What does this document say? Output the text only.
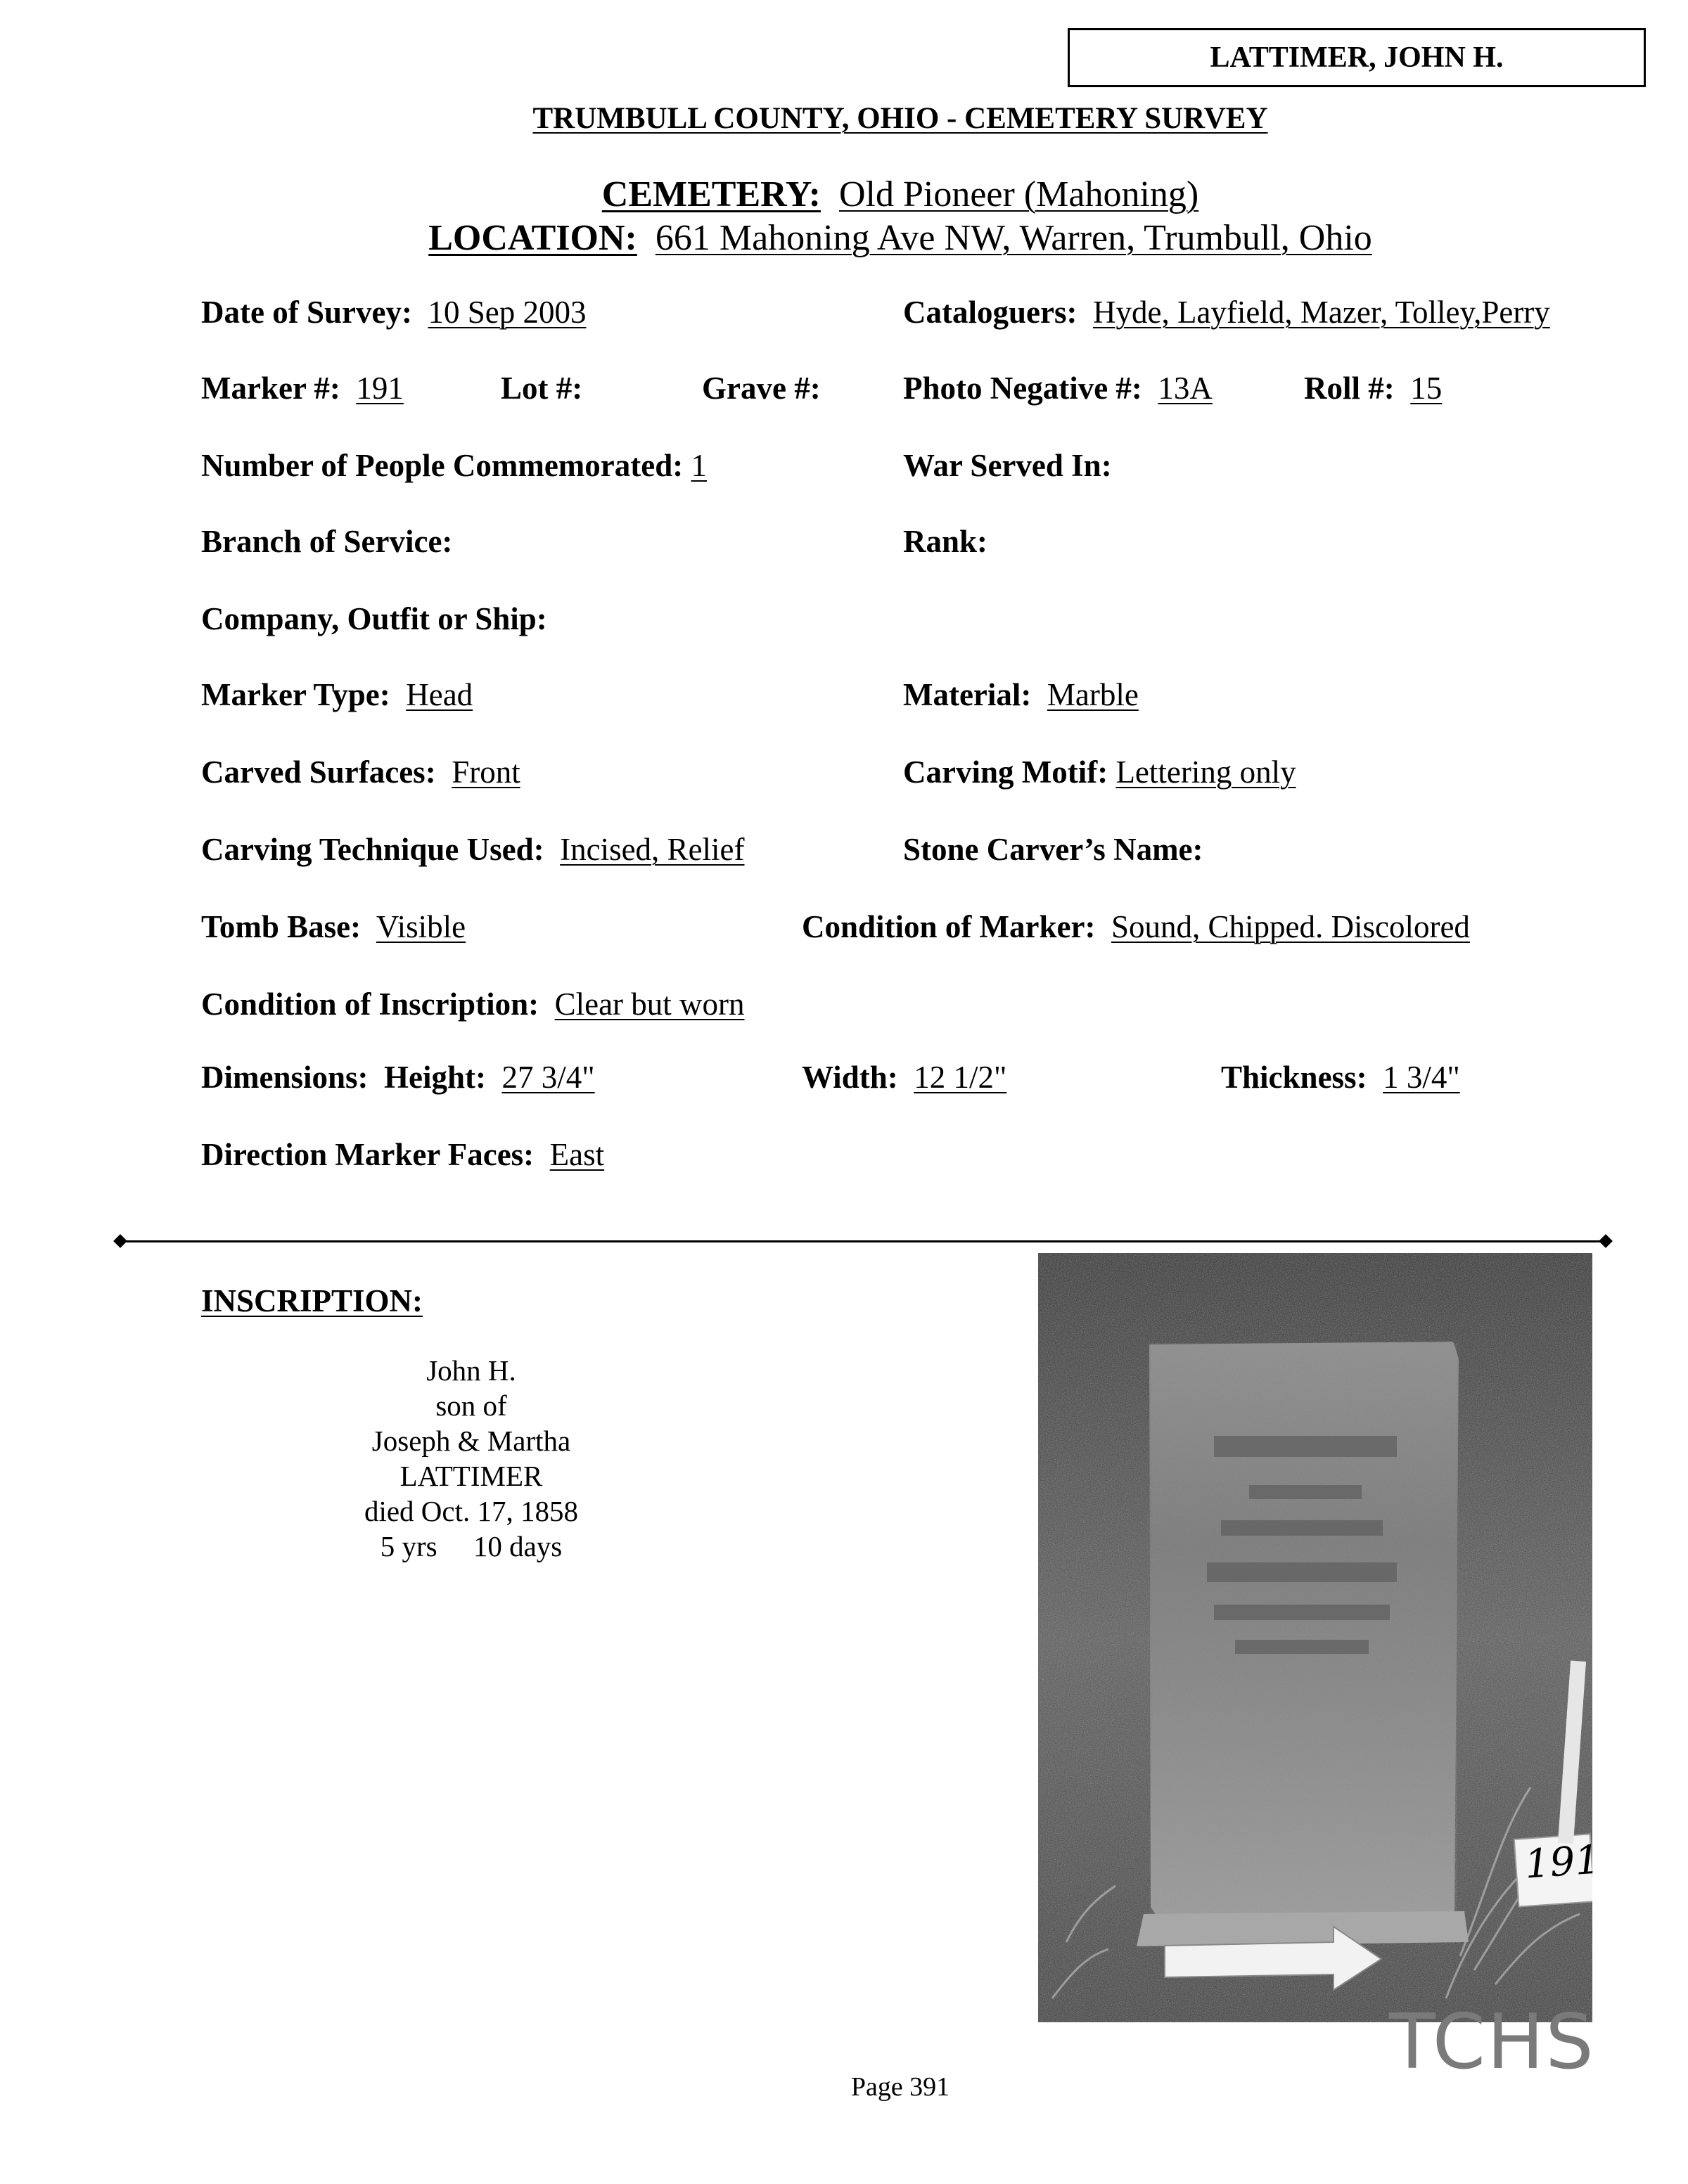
LATTIMER, JOHN H.
TRUMBULL COUNTY, OHIO - CEMETERY SURVEY
CEMETERY: Old Pioneer (Mahoning)
LOCATION: 661 Mahoning Ave NW, Warren, Trumbull, Ohio
Date of Survey: 10 Sep 2003	Cataloguers: Hyde, Layfield, Mazer, Tolley,Perry
Marker #: 191	Lot #:	Grave #:	Photo Negative #: 13A	Roll #: 15
Number of People Commemorated: 1	War Served In:
Branch of Service:	Rank:
Company, Outfit or Ship:
Marker Type: Head	Material: Marble
Carved Surfaces: Front	Carving Motif: Lettering only
Carving Technique Used: Incised, Relief	Stone Carver’s Name:
Tomb Base: Visible	Condition of Marker: Sound, Chipped. Discolored
Condition of Inscription: Clear but worn
Dimensions: Height: 27 3/4"	Width: 12 1/2"	Thickness: 1 3/4"
Direction Marker Faces: East
INSCRIPTION:
John H.
son of
Joseph & Martha
LATTIMER
died Oct. 17, 1858
5 yrs     10 days
191
TCHS
Page 391
